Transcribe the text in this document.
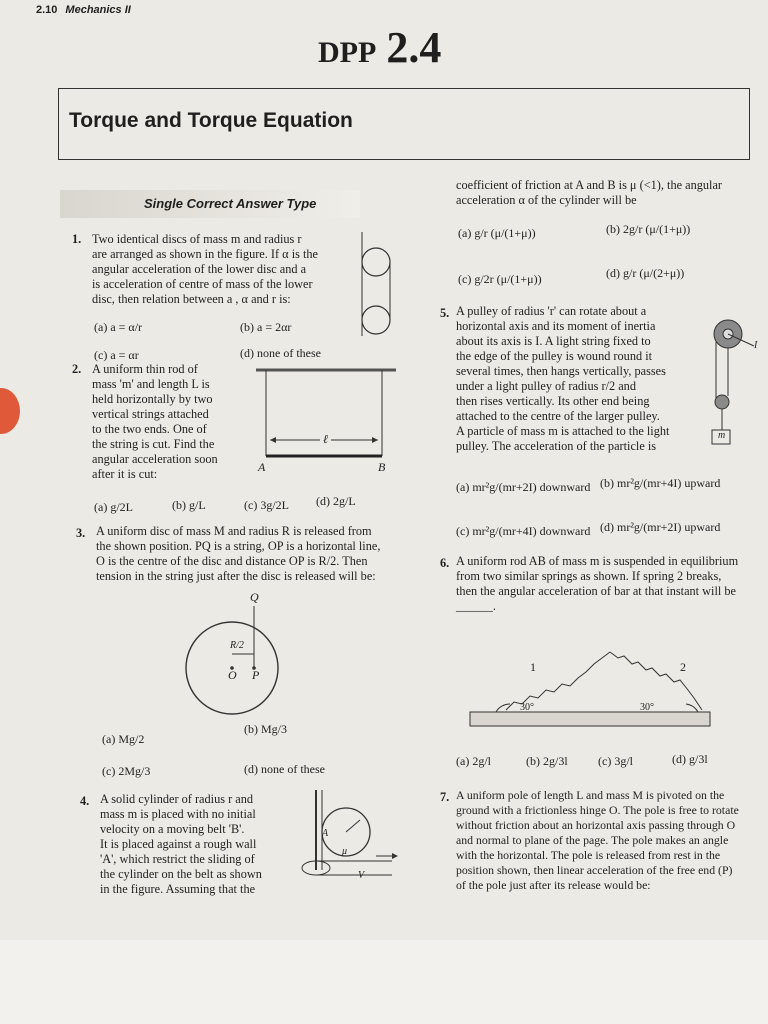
2.10 Mechanics II
DPP 2.4
Torque and Torque Equation
Single Correct Answer Type
1. Two identical discs of mass m and radius r
are arranged as shown in the figure. If α is the
angular acceleration of the lower disc and a
is acceleration of centre of mass of the lower
disc, then relation between a , α and r is:
(a) a = α/r	(b) a = 2αr
(c) a = αr	(d) none of these
2. A uniform thin rod of
mass 'm' and length L is
held horizontally by two
vertical strings attached
to the two ends. One of
the string is cut. Find the
angular acceleration soon
after it is cut:
ℓ
A	B
(a) g/2L	(b) g/L	(c) 3g/2L (d) 2g/L
3. A uniform disc of mass M and radius R is released from
the shown position. PQ is a string, OP is a horizontal line,
O is the centre of the disc and distance OP is R/2. Then
tension in the string just after the disc is released will be:
Q
R/2
O P
(a) Mg/2
(b) Mg/3
(c) 2Mg/3	(d) none of these
4. A solid cylinder of radius r and
mass m is placed with no initial
velocity on a moving belt 'B'.
It is placed against a rough wall
'A', which restrict the sliding of
the cylinder on the belt as shown
in the figure. Assuming that the
A
μ
V
coefficient of friction at A and B is μ (<1), the angular
acceleration α of the cylinder will be
(a) g/r (μ/(1+μ))	(b) 2g/r (μ/(1+μ))
(c) g/2r (μ/(1+μ))	(d) g/r (μ/(2+μ))
5. A pulley of radius 'r' can rotate about a
horizontal axis and its moment of inertia
about its axis is I. A light string fixed to
the edge of the pulley is wound round it
several times, then hangs vertically, passes
under a light pulley of radius r/2 and
then rises vertically. Its other end being
attached to the centre of the larger pulley.
A particle of mass m is attached to the light
pulley. The acceleration of the particle is
m
I
(a) mr²g/(mr+2I) downward (b) mr²g/(mr+4I) upward
(c) mr²g/(mr+4I) downward (d) mr²g/(mr+2I) upward
6. A uniform rod AB of mass m is suspended in equilibrium
from two similar springs as shown. If spring 2 breaks,
then the angular acceleration of bar at that instant will be
______.
1	2
30°	30°
(a) 2g/l	(b) 2g/3l	(c) 3g/l	(d) g/3l
7. A uniform pole of length L and mass M is pivoted on the
ground with a frictionless hinge O. The pole is free to rotate
without friction about an horizontal axis passing through O
and normal to plane of the page. The pole makes an angle
with the horizontal. The pole is released from rest in the
position shown, then linear acceleration of the free end (P)
of the pole just after its release would be:
